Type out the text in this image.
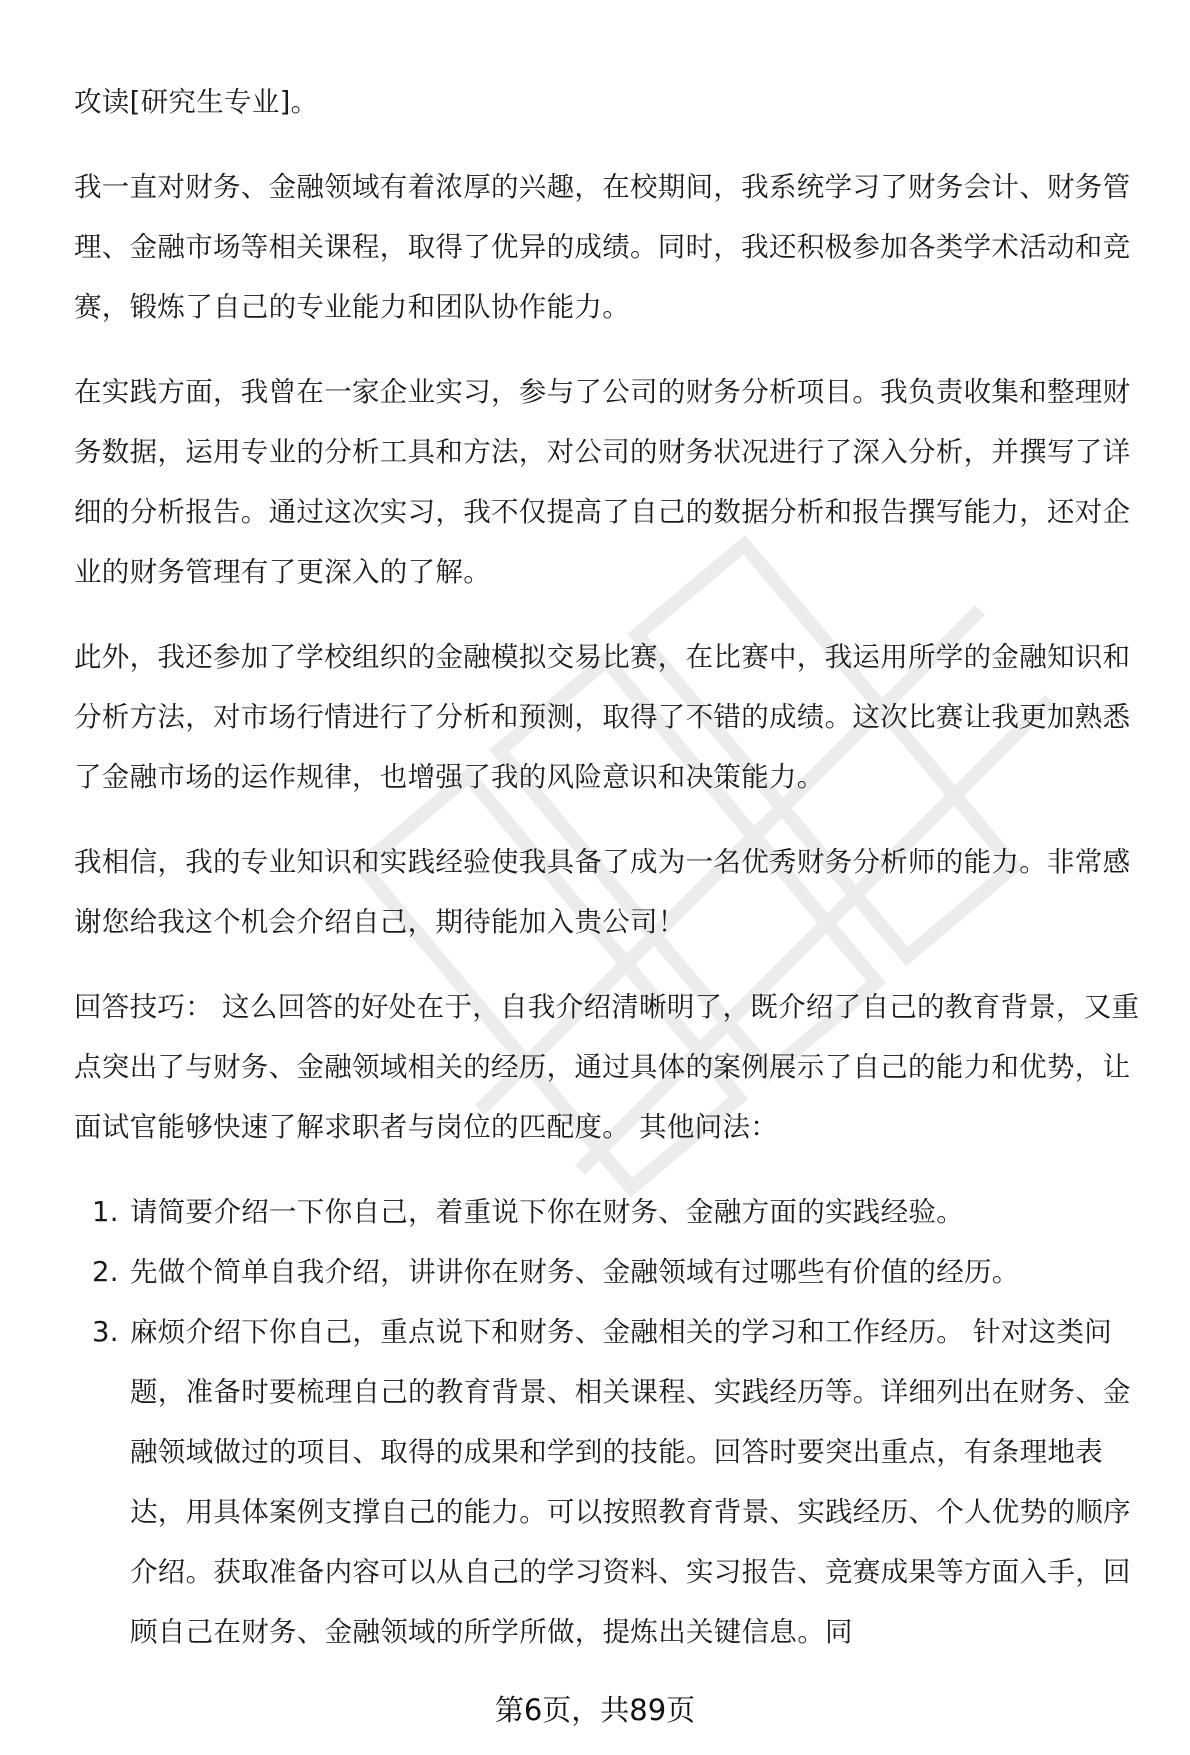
攻读[研究生专业]。

我一直对财务、金融领域有着浓厚的兴趣，在校期间，我系统学习了财务会计、财务管理、金融市场等相关课程，取得了优异的成绩。同时，我还积极参加各类学术活动和竞赛，锻炼了自己的专业能力和团队协作能力。

在实践方面，我曾在一家企业实习，参与了公司的财务分析项目。我负责收集和整理财务数据，运用专业的分析工具和方法，对公司的财务状况进行了深入分析，并撰写了详细的分析报告。通过这次实习，我不仅提高了自己的数据分析和报告撰写能力，还对企业的财务管理有了更深入的了解。

此外，我还参加了学校组织的金融模拟交易比赛，在比赛中，我运用所学的金融知识和分析方法，对市场行情进行了分析和预测，取得了不错的成绩。这次比赛让我更加熟悉了金融市场的运作规律，也增强了我的风险意识和决策能力。

我相信，我的专业知识和实践经验使我具备了成为一名优秀财务分析师的能力。非常感谢您给我这个机会介绍自己，期待能加入贵公司！

回答技巧： 这么回答的好处在于，自我介绍清晰明了，既介绍了自己的教育背景，又重点突出了与财务、金融领域相关的经历，通过具体的案例展示了自己的能力和优势，让面试官能够快速了解求职者与岗位的匹配度。 其他问法：

1. 请简要介绍一下你自己，着重说下你在财务、金融方面的实践经验。
2. 先做个简单自我介绍，讲讲你在财务、金融领域有过哪些有价值的经历。
3. 麻烦介绍下你自己，重点说下和财务、金融相关的学习和工作经历。 针对这类问题，准备时要梳理自己的教育背景、相关课程、实践经历等。详细列出在财务、金融领域做过的项目、取得的成果和学到的技能。回答时要突出重点，有条理地表达，用具体案例支撑自己的能力。可以按照教育背景、实践经历、个人优势的顺序介绍。获取准备内容可以从自己的学习资料、实习报告、竞赛成果等方面入手，回顾自己在财务、金融领域的所学所做，提炼出关键信息。同
第6页，共89页
